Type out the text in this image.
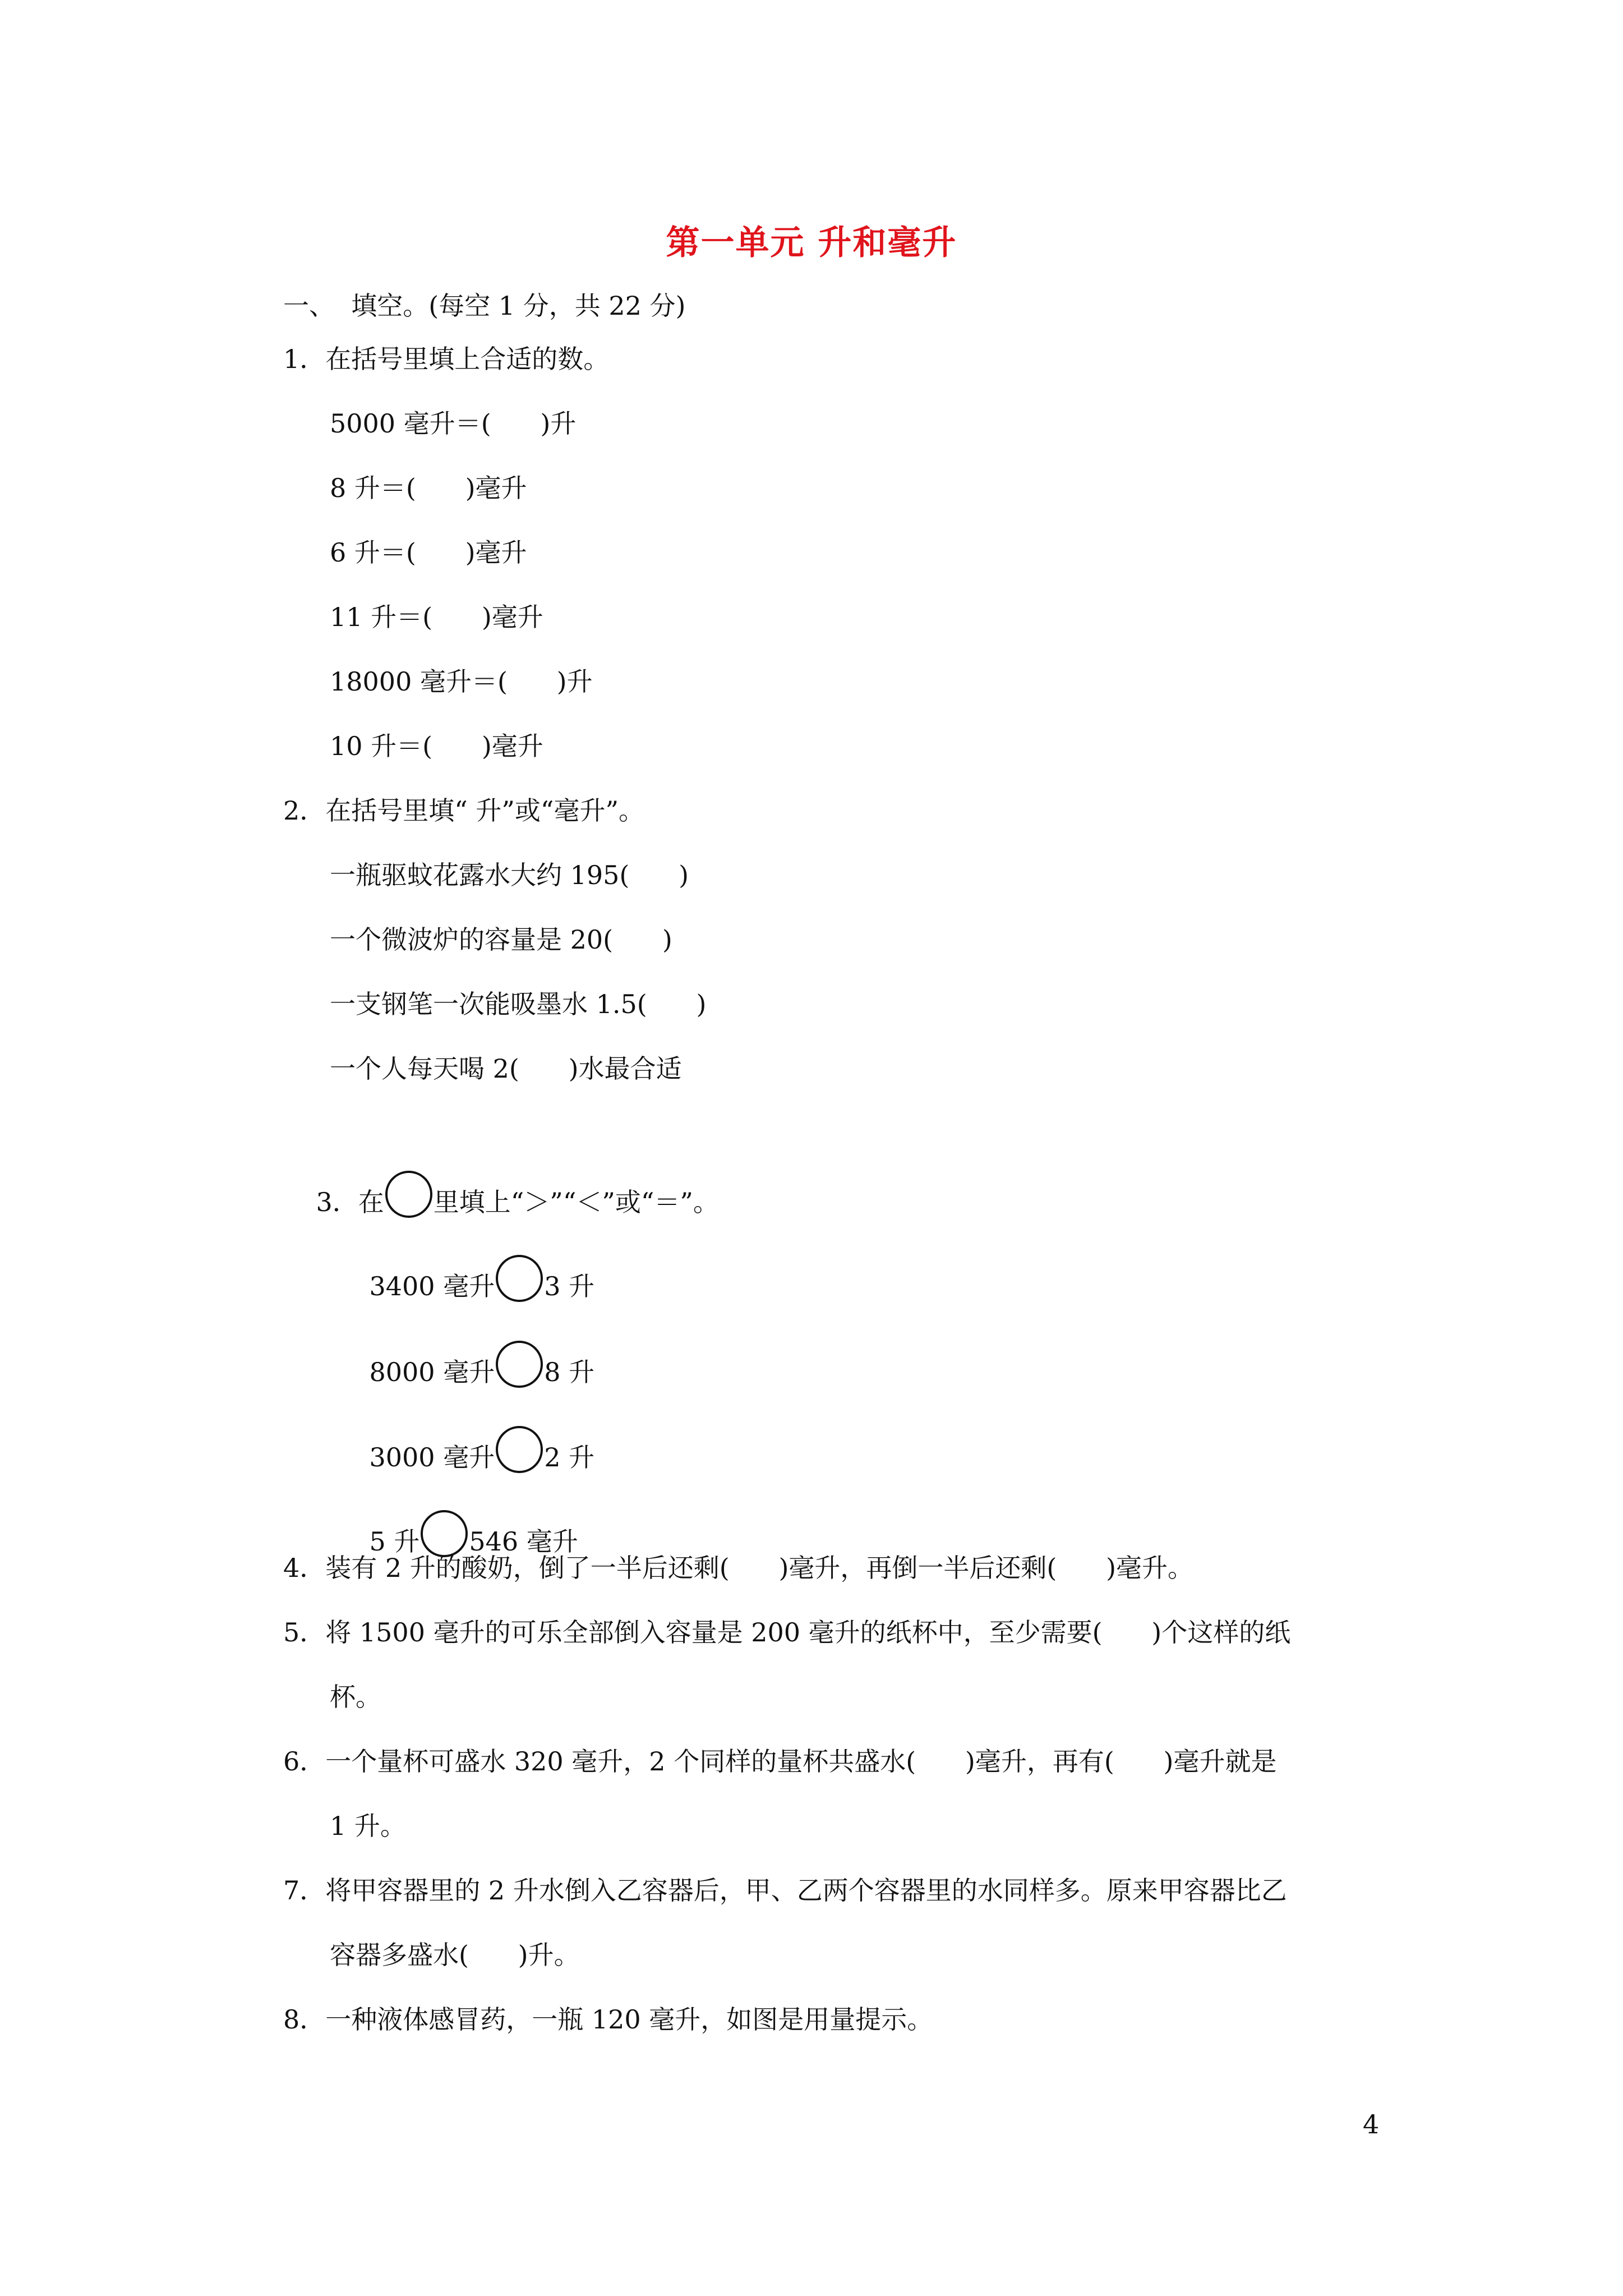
第一单元 升和毫升
一、  填空。(每空 1 分，共 22 分)
1．在括号里填上合适的数。
5000 毫升＝(      )升
8 升＝(      )毫升
6 升＝(      )毫升
11 升＝(      )毫升
18000 毫升＝(      )升
10 升＝(      )毫升
2．在括号里填“ 升”或“毫升”。
一瓶驱蚊花露水大约 195(      )
一个微波炉的容量是 20(      )
一支钢笔一次能吸墨水 1.5(      )
一个人每天喝 2(      )水最合适

3．在 里填上“＞”“＜”或“＝”。

3400 毫升 3 升

8000 毫升 8 升

3000 毫升 2 升

5 升 546 毫升

4．装有 2 升的酸奶，倒了一半后还剩(      )毫升，再倒一半后还剩(      )毫升。
5．将 1500 毫升的可乐全部倒入容量是 200 毫升的纸杯中，至少需要(      )个这样的纸
杯。
6．一个量杯可盛水 320 毫升，2 个同样的量杯共盛水(      )毫升，再有(      )毫升就是
1 升。
7．将甲容器里的 2 升水倒入乙容器后，甲、乙两个容器里的水同样多。原来甲容器比乙
容器多盛水(      )升。
8．一种液体感冒药，一瓶 120 毫升，如图是用量提示。
4
